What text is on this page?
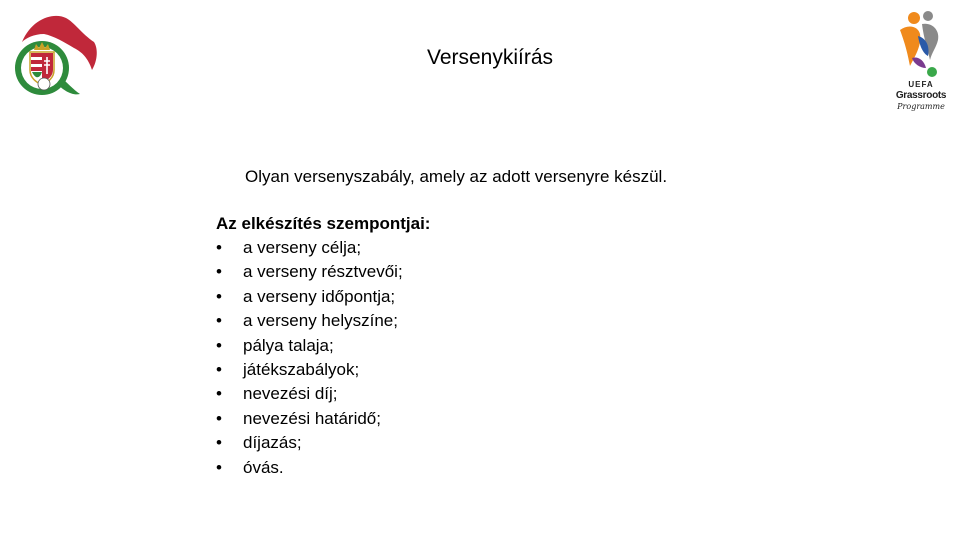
UEFA
Grassroots
Programme
Versenykiírás
Olyan versenyszabály, amely az adott versenyre készül.
Az elkészítés szempontjai:
•	a verseny célja;
•	a verseny résztvevői;
•	a verseny időpontja;
•	a verseny helyszíne;
•	pálya talaja;
•	játékszabályok;
•	nevezési díj;
•	nevezési határidő;
•	díjazás;
•	óvás.
